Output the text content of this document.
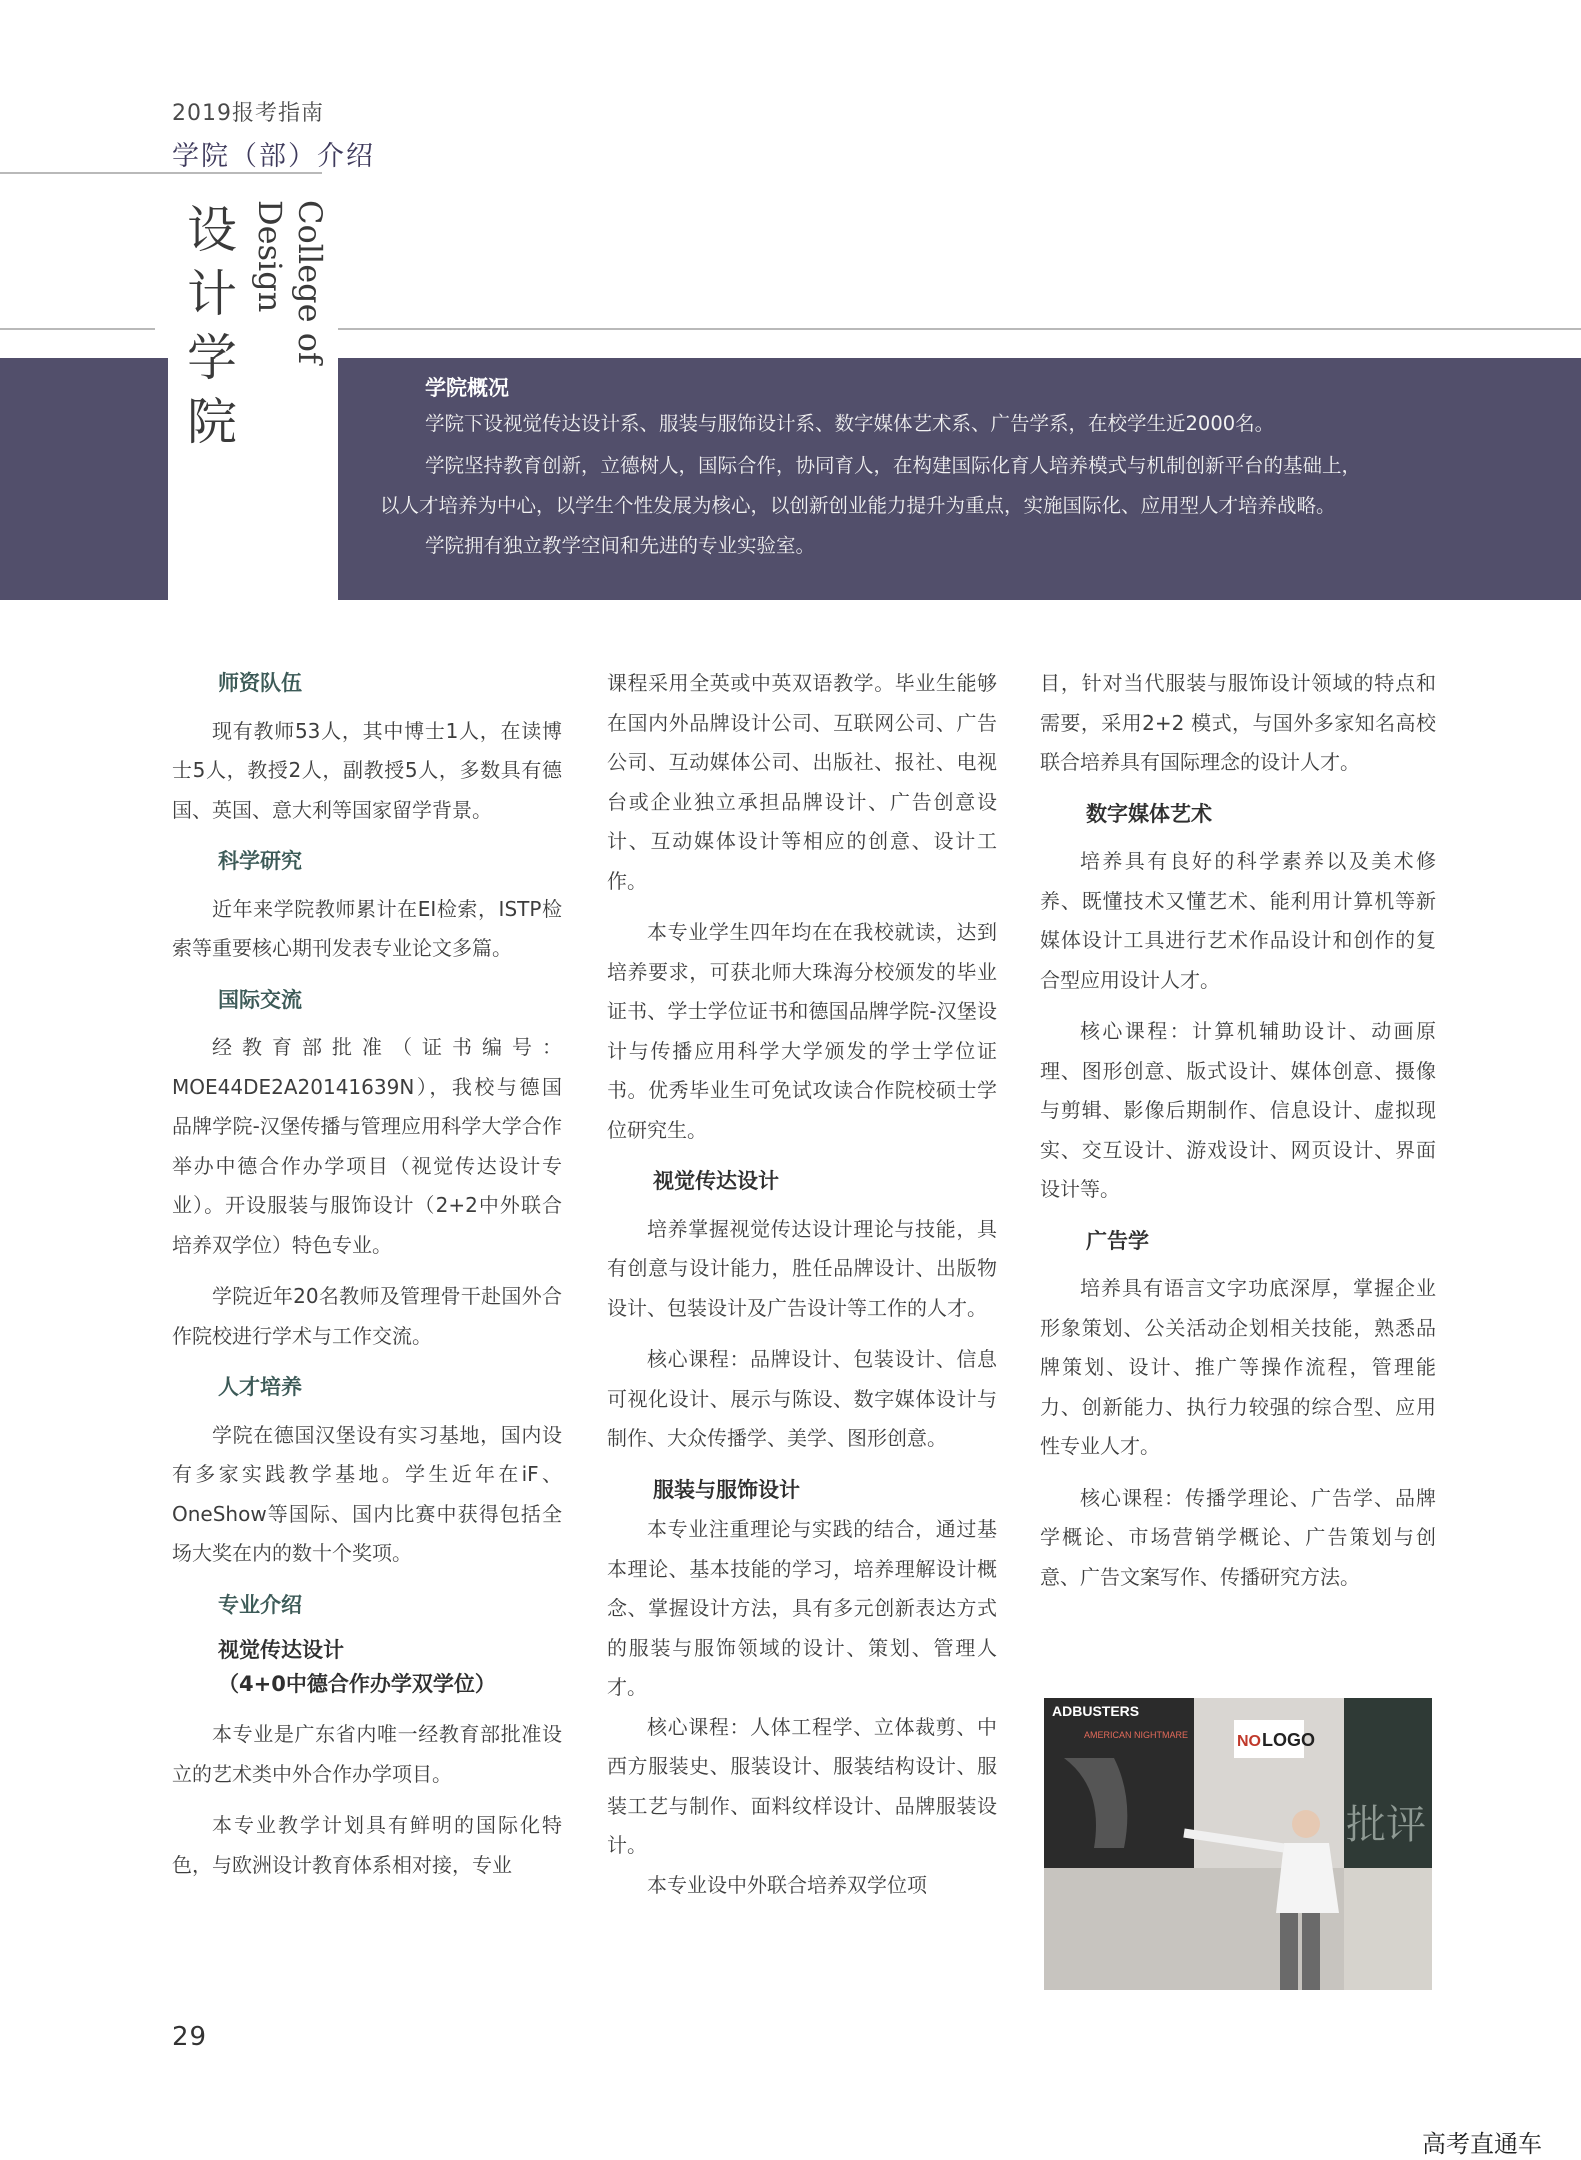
2019报考指南
学院（部）介绍
设计学院
College of
Design
学院概况
学院下设视觉传达设计系、服装与服饰设计系、数字媒体艺术系、广告学系，在校学生近2000名。
学院坚持教育创新，立德树人，国际合作，协同育人，在构建国际化育人培养模式与机制创新平台的基础上，
以人才培养为中心，以学生个性发展为核心，以创新创业能力提升为重点，实施国际化、应用型人才培养战略。
学院拥有独立教学空间和先进的专业实验室。
师资队伍

现有教师53人，其中博士1人，在读博士5人，教授2人，副教授5人，多数具有德国、英国、意大利等国家留学背景。

科学研究

近年来学院教师累计在EI检索，ISTP检索等重要核心期刊发表专业论文多篇。

国际交流

经教育部批准（证书编号：MOE44DE2A20141639N），我校与德国品牌学院-汉堡传播与管理应用科学大学合作举办中德合作办学项目（视觉传达设计专业）。开设服装与服饰设计（2+2中外联合培养双学位）特色专业。

学院近年20名教师及管理骨干赴国外合作院校进行学术与工作交流。

人才培养

学院在德国汉堡设有实习基地，国内设有多家实践教学基地。学生近年在iF、OneShow等国际、国内比赛中获得包括全场大奖在内的数十个奖项。

专业介绍
视觉传达设计
（4+0中德合作办学双学位）

本专业是广东省内唯一经教育部批准设立的艺术类中外合作办学项目。

本专业教学计划具有鲜明的国际化特色，与欧洲设计教育体系相对接，专业

课程采用全英或中英双语教学。毕业生能够在国内外品牌设计公司、互联网公司、广告公司、互动媒体公司、出版社、报社、电视台或企业独立承担品牌设计、广告创意设计、互动媒体设计等相应的创意、设计工作。

本专业学生四年均在在我校就读，达到培养要求，可获北师大珠海分校颁发的毕业证书、学士学位证书和德国品牌学院-汉堡设计与传播应用科学大学颁发的学士学位证书。优秀毕业生可免试攻读合作院校硕士学位研究生。

视觉传达设计

培养掌握视觉传达设计理论与技能，具有创意与设计能力，胜任品牌设计、出版物设计、包装设计及广告设计等工作的人才。

核心课程：品牌设计、包装设计、信息可视化设计、展示与陈设、数字媒体设计与制作、大众传播学、美学、图形创意。

服装与服饰设计

本专业注重理论与实践的结合，通过基本理论、基本技能的学习，培养理解设计概念、掌握设计方法，具有多元创新表达方式的服装与服饰领域的设计、策划、管理人才。

核心课程：人体工程学、立体裁剪、中西方服装史、服装设计、服装结构设计、服装工艺与制作、面料纹样设计、品牌服装设计。

本专业设中外联合培养双学位项

目，针对当代服装与服饰设计领域的特点和需要，采用2+2 模式，与国外多家知名高校联合培养具有国际理念的设计人才。

数字媒体艺术

培养具有良好的科学素养以及美术修养、既懂技术又懂艺术、能利用计算机等新媒体设计工具进行艺术作品设计和创作的复合型应用设计人才。

核心课程：计算机辅助设计、动画原理、图形创意、版式设计、媒体创意、摄像与剪辑、影像后期制作、信息设计、虚拟现实、交互设计、游戏设计、网页设计、界面设计等。

广告学

培养具有语言文字功底深厚，掌握企业形象策划、公关活动企划相关技能，熟悉品牌策划、设计、推广等操作流程，管理能力、创新能力、执行力较强的综合型、应用性专业人才。

核心课程：传播学理论、广告学、品牌学概论、市场营销学概论、广告策划与创意、广告文案写作、传播研究方法。

ADBUSTERS
AMERICAN NIGHTMARE	NO LOGO
批评
29
高考直通车
